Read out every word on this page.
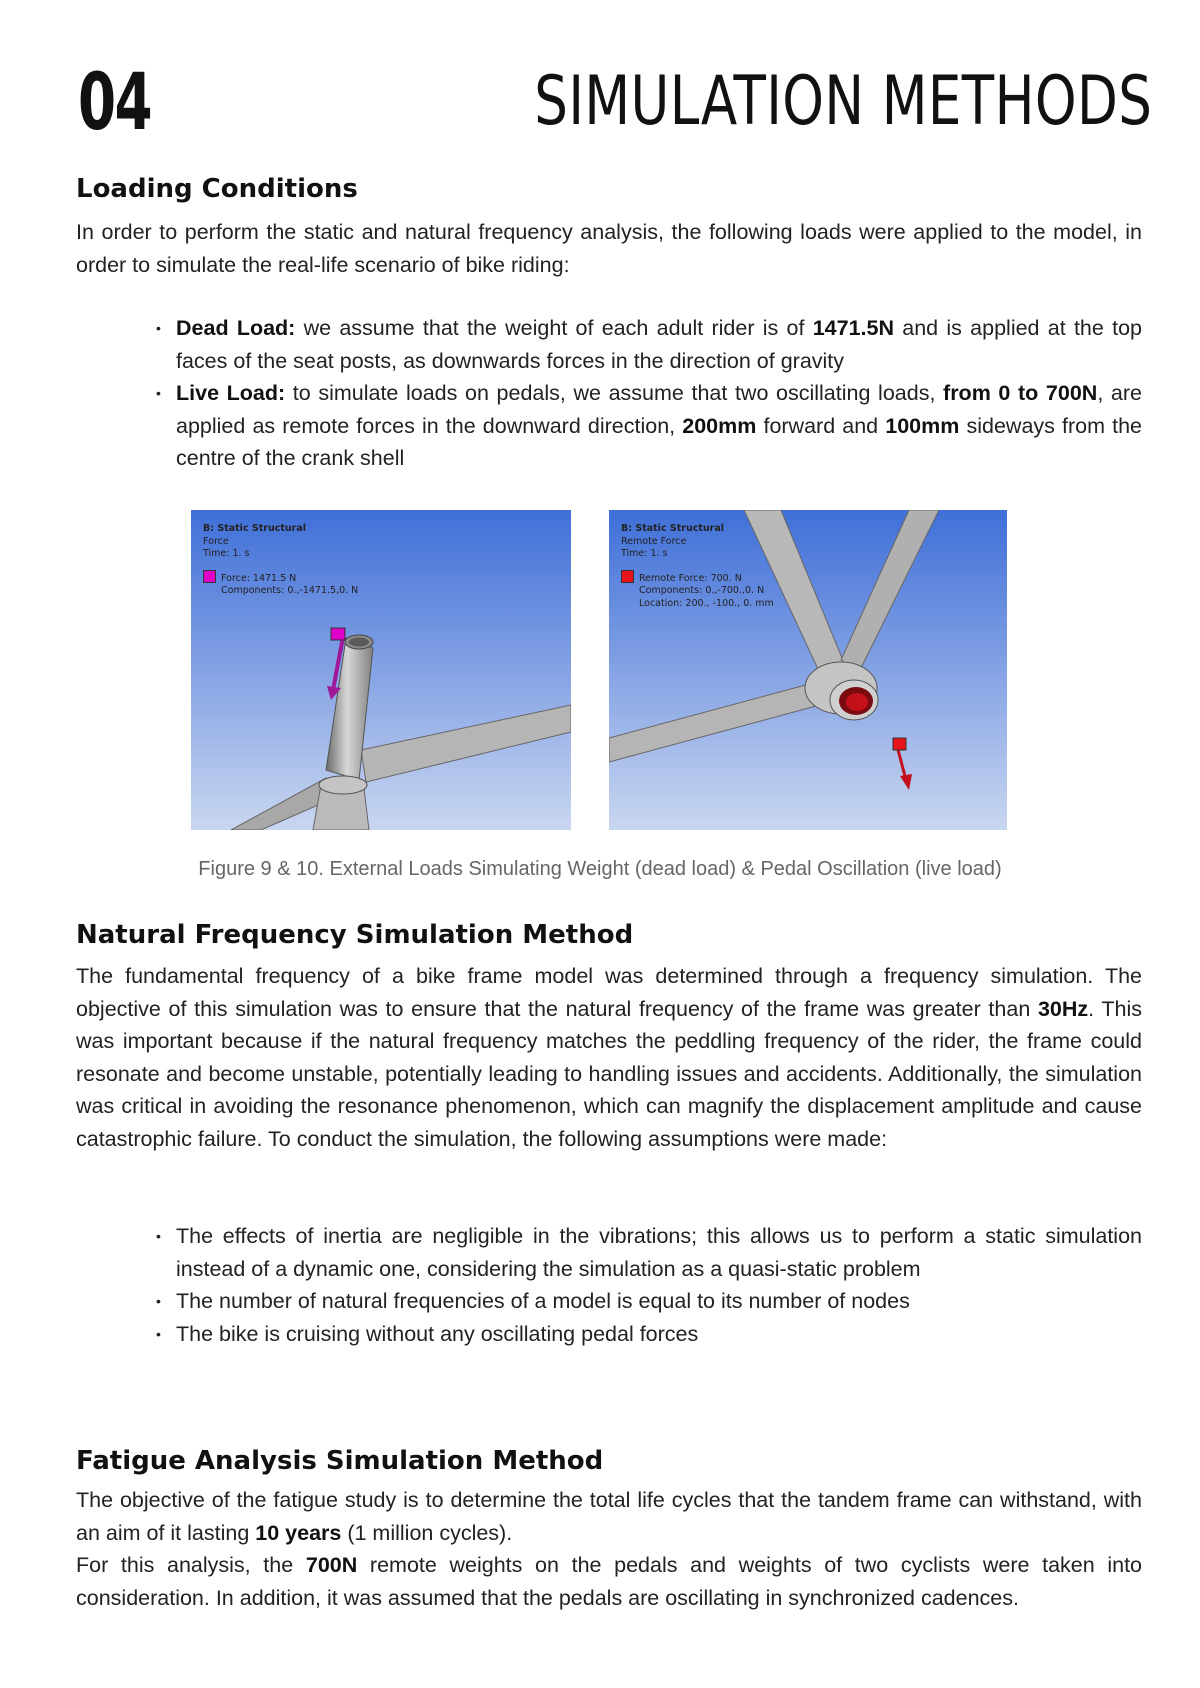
04	SIMULATION METHODS
Loading Conditions

In order to perform the static and natural frequency analysis, the following loads were applied to the model, in order to simulate the real-life scenario of bike riding:

• Dead Load: we assume that the weight of each adult rider is of 1471.5N and is applied at the top faces of the seat posts, as downwards forces in the direction of gravity
• Live Load: to simulate loads on pedals, we assume that two oscillating loads, from 0 to 700N, are applied as remote forces in the downward direction, 200mm forward and 100mm sideways from the centre of the crank shell
B: Static Structural
Force
Time: 1. s
Force: 1471.5 N
Components: 0.,-1471.5,0. N
B: Static Structural
Remote Force
Time: 1. s
Remote Force: 700. N
Components: 0.,-700.,0. N
Location: 200., -100., 0. mm
Figure 9 & 10. External Loads Simulating Weight (dead load) & Pedal Oscillation (live load)
Natural Frequency Simulation Method

The fundamental frequency of a bike frame model was determined through a frequency simulation. The objective of this simulation was to ensure that the natural frequency of the frame was greater than 30Hz. This was important because if the natural frequency matches the peddling frequency of the rider, the frame could resonate and become unstable, potentially leading to handling issues and accidents. Additionally, the simulation was critical in avoiding the resonance phenomenon, which can magnify the displacement amplitude and cause catastrophic failure. To conduct the simulation, the following assumptions were made:

• The effects of inertia are negligible in the vibrations; this allows us to perform a static simulation instead of a dynamic one, considering the simulation as a quasi-static problem
• The number of natural frequencies of a model is equal to its number of nodes
• The bike is cruising without any oscillating pedal forces
Fatigue Analysis Simulation Method

The objective of the fatigue study is to determine the total life cycles that the tandem frame can withstand, with an aim of it lasting 10 years (1 million cycles).
For this analysis, the 700N remote weights on the pedals and weights of two cyclists were taken into consideration. In addition, it was assumed that the pedals are oscillating in synchronized cadences.
